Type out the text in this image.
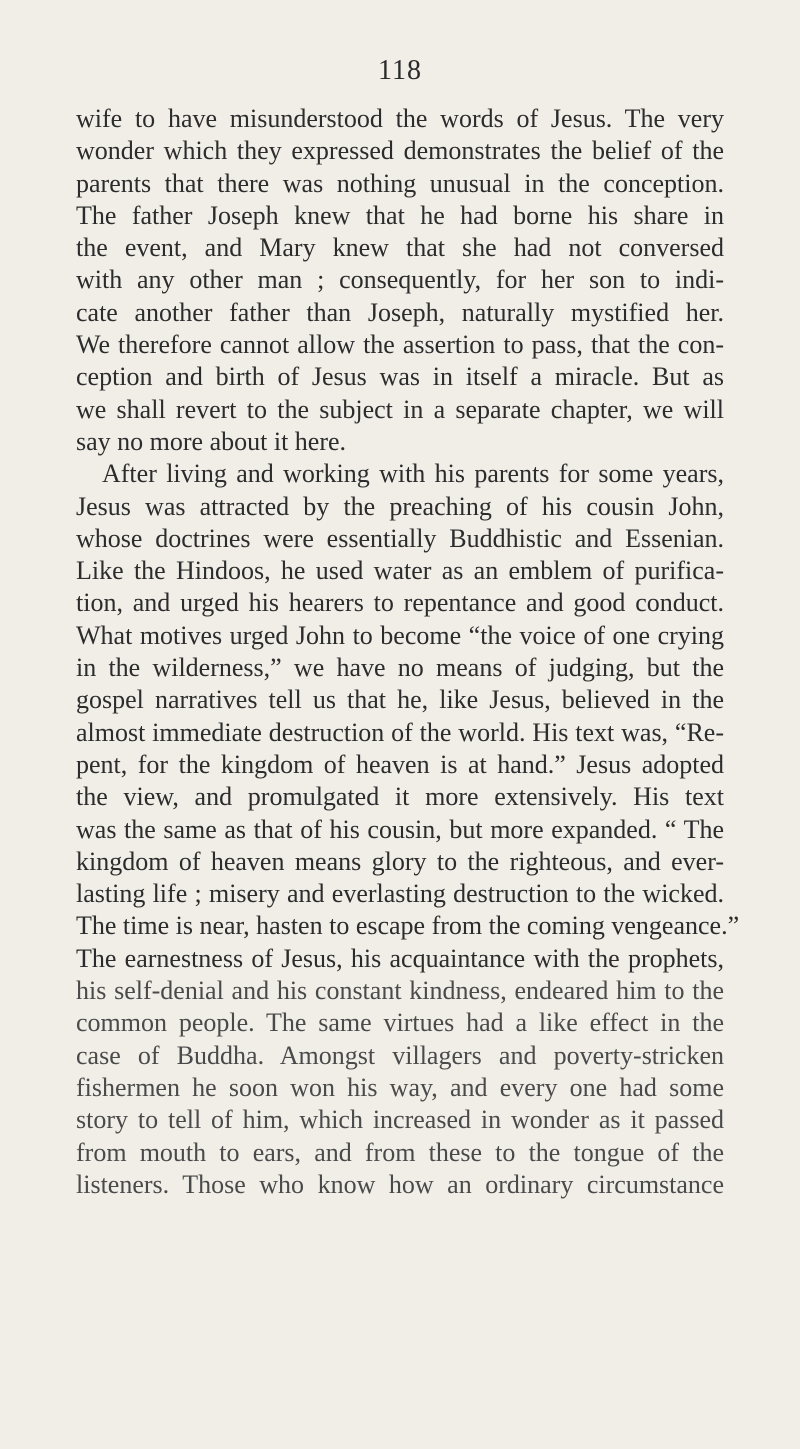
118
wife to have misunderstood the words of Jesus. The very
wonder which they expressed demonstrates the belief of the
parents that there was nothing unusual in the conception.
The father Joseph knew that he had borne his share in
the event, and Mary knew that she had not conversed
with any other man ; consequently, for her son to indi-
cate another father than Joseph, naturally mystified her.
We therefore cannot allow the assertion to pass, that the con-
ception and birth of Jesus was in itself a miracle. But as
we shall revert to the subject in a separate chapter, we will
say no more about it here.
After living and working with his parents for some years,
Jesus was attracted by the preaching of his cousin John,
whose doctrines were essentially Buddhistic and Essenian.
Like the Hindoos, he used water as an emblem of purifica-
tion, and urged his hearers to repentance and good conduct.
What motives urged John to become “the voice of one crying
in the wilderness,” we have no means of judging, but the
gospel narratives tell us that he, like Jesus, believed in the
almost immediate destruction of the world. His text was, “Re-
pent, for the kingdom of heaven is at hand.” Jesus adopted
the view, and promulgated it more extensively. His text
was the same as that of his cousin, but more expanded. “ The
kingdom of heaven means glory to the righteous, and ever-
lasting life ; misery and everlasting destruction to the wicked.
The time is near, hasten to escape from the coming vengeance.”
The earnestness of Jesus, his acquaintance with the prophets,
his self-denial and his constant kindness, endeared him to the
common people. The same virtues had a like effect in the
case of Buddha. Amongst villagers and poverty-stricken
fishermen he soon won his way, and every one had some
story to tell of him, which increased in wonder as it passed
from mouth to ears, and from these to the tongue of the
listeners. Those who know how an ordinary circumstance
